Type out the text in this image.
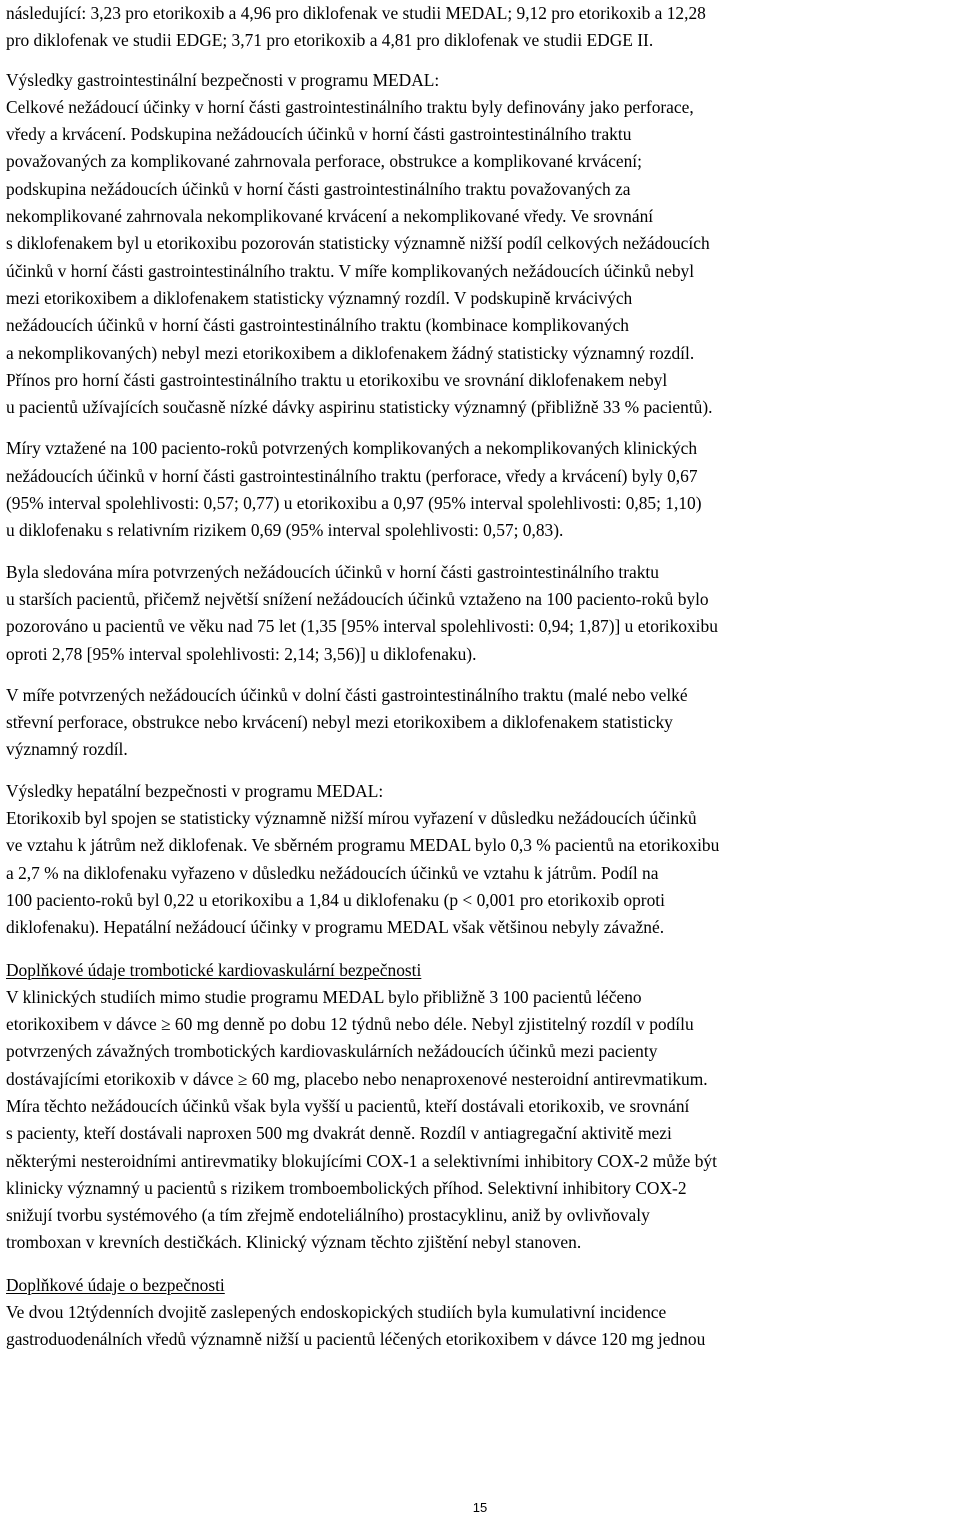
následující: 3,23 pro etorikoxib a 4,96 pro diklofenak ve studii MEDAL; 9,12 pro etorikoxib a 12,28
pro diklofenak ve studii EDGE; 3,71 pro etorikoxib a 4,81 pro diklofenak ve studii EDGE II.
Výsledky gastrointestinální bezpečnosti v programu MEDAL:
Celkové nežádoucí účinky v horní části gastrointestinálního traktu byly definovány jako perforace,
vředy a krvácení. Podskupina nežádoucích účinků v horní části gastrointestinálního traktu
považovaných za komplikované zahrnovala perforace, obstrukce a komplikované krvácení;
podskupina nežádoucích účinků v horní části gastrointestinálního traktu považovaných za
nekomplikované zahrnovala nekomplikované krvácení a nekomplikované vředy. Ve srovnání
s diklofenakem byl u etorikoxibu pozorován statisticky významně nižší podíl celkových nežádoucích
účinků v horní části gastrointestinálního traktu. V míře komplikovaných nežádoucích účinků nebyl
mezi etorikoxibem a diklofenakem statisticky významný rozdíl. V podskupině krvácivých
nežádoucích účinků v horní části gastrointestinálního traktu (kombinace komplikovaných
a nekomplikovaných) nebyl mezi etorikoxibem a diklofenakem žádný statisticky významný rozdíl.
Přínos pro horní části gastrointestinálního traktu u etorikoxibu ve srovnání diklofenakem nebyl
u pacientů užívajících současně nízké dávky aspirinu statisticky významný (přibližně 33 % pacientů).
Míry vztažené na 100 paciento-roků potvrzených komplikovaných a nekomplikovaných klinických
nežádoucích účinků v horní části gastrointestinálního traktu (perforace, vředy a krvácení) byly 0,67
(95% interval spolehlivosti: 0,57; 0,77) u etorikoxibu a 0,97 (95% interval spolehlivosti: 0,85; 1,10)
u diklofenaku s relativním rizikem 0,69 (95% interval spolehlivosti: 0,57; 0,83).
Byla sledována míra potvrzených nežádoucích účinků v horní části gastrointestinálního traktu
u starších pacientů, přičemž největší snížení nežádoucích účinků vztaženo na 100 paciento-roků bylo
pozorováno u pacientů ve věku nad 75 let (1,35 [95% interval spolehlivosti: 0,94; 1,87)] u etorikoxibu
oproti 2,78 [95% interval spolehlivosti: 2,14; 3,56)] u diklofenaku).
V míře potvrzených nežádoucích účinků v dolní části gastrointestinálního traktu (malé nebo velké
střevní perforace, obstrukce nebo krvácení) nebyl mezi etorikoxibem a diklofenakem statisticky
významný rozdíl.
Výsledky hepatální bezpečnosti v programu MEDAL:
Etorikoxib byl spojen se statisticky významně nižší mírou vyřazení v důsledku nežádoucích účinků
ve vztahu k játrům než diklofenak. Ve sběrném programu MEDAL bylo 0,3 % pacientů na etorikoxibu
a 2,7 % na diklofenaku vyřazeno v důsledku nežádoucích účinků ve vztahu k játrům. Podíl na
100 paciento-roků byl 0,22 u etorikoxibu a 1,84 u diklofenaku (p < 0,001 pro etorikoxib oproti
diklofenaku). Hepatální nežádoucí účinky v programu MEDAL však většinou nebyly závažné.
Doplňkové údaje trombotické kardiovaskulární bezpečnosti
V klinických studiích mimo studie programu MEDAL bylo přibližně 3 100 pacientů léčeno
etorikoxibem v dávce ≥ 60 mg denně po dobu 12 týdnů nebo déle. Nebyl zjistitelný rozdíl v podílu
potvrzených závažných trombotických kardiovaskulárních nežádoucích účinků mezi pacienty
dostávajícími etorikoxib v dávce ≥ 60 mg, placebo nebo nenaproxenové nesteroidní antirevmatikum.
Míra těchto nežádoucích účinků však byla vyšší u pacientů, kteří dostávali etorikoxib, ve srovnání
s pacienty, kteří dostávali naproxen 500 mg dvakrát denně. Rozdíl v antiagregační aktivitě mezi
některými nesteroidními antirevmatiky blokujícími COX-1 a selektivními inhibitory COX-2 může být
klinicky významný u pacientů s rizikem tromboembolických příhod. Selektivní inhibitory COX-2
snižují tvorbu systémového (a tím zřejmě endoteliálního) prostacyklinu, aniž by ovlivňovaly
tromboxan v krevních destičkách. Klinický význam těchto zjištění nebyl stanoven.
Doplňkové údaje o bezpečnosti
Ve dvou 12týdenních dvojitě zaslepených endoskopických studiích byla kumulativní incidence
gastroduodenálních vředů významně nižší u pacientů léčených etorikoxibem v dávce 120 mg jednou
15
